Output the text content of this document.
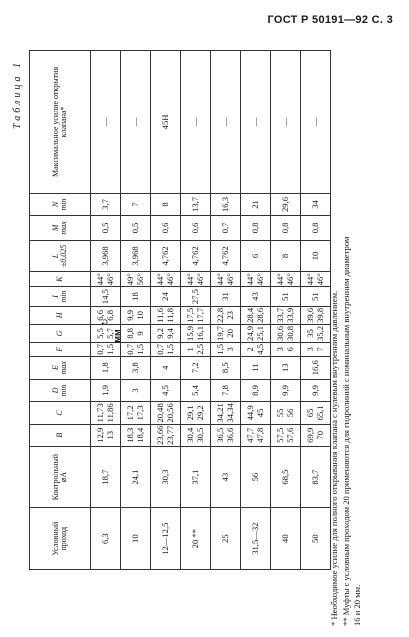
ГОСТ Р 50191—92 С. 3
Таблица 1
↻
мм
Условный проход	Контрольный ⌀A	B	C	D min	E max	F	G	H	I min	K	L ±0,025	M max	N min	Максимальное усилие открытия клапана*
6,3	18,7	12,9 13	11,73 11,86	1,9	1,8	0,7 1,5	5,5 5,7	6,6 6,8	14,5	44° 46°	3,968	0,5	3,7	—
10	24,1	18,3 18,4	17,2 17,3	3	3,8	0,7 1,5	8,8 9	9,9 10	18	49° 56°	3,968	0,5	7	—
12—12,5	30,3	23,66 23,77	20,48 20,56	4,5	4	0,7 1,5	9,2 9,4	11,6 11,8	24	44° 46°	4,762	0,6	8	45Н
20 **	37,1	30,4 30,5	29,1 29,2	5,4	7,2	1 2,5	15,9 16,1	17,5 17,7	27,5	44° 46°	4,762	0,6	13,7	—
25	43	36,5 36,6	34,21 34,34	7,8	8,5	1,5 3	19,7 20	22,8 23	31	44° 46°	4,762	0,7	16,3	—
31,5—32	56	47,7 47,8	44,9 45	8,9	11	2 4,5	24,9 25,1	28,4 28,6	43	44° 46°	6	0,8	21	—
40	68,5	57,5 57,6	55 56	9,9	13	3 6	30,6 30,8	33,7 33,9	51	44° 46°	8	0,8	29,6	—
50	83,7	69,9 70	65 65,1	9,9	16,6	3 7	35 35,2	39,6 39,8	51	44° 46°	10	0,8	34	—

* Необходимое усилие для полного открывания клапана с нулевым внутренним давлением. ** Муфты с условным проходом 20 применяются для гидролиний с номинальным внутренним диаметром 16 и 20 мм.
